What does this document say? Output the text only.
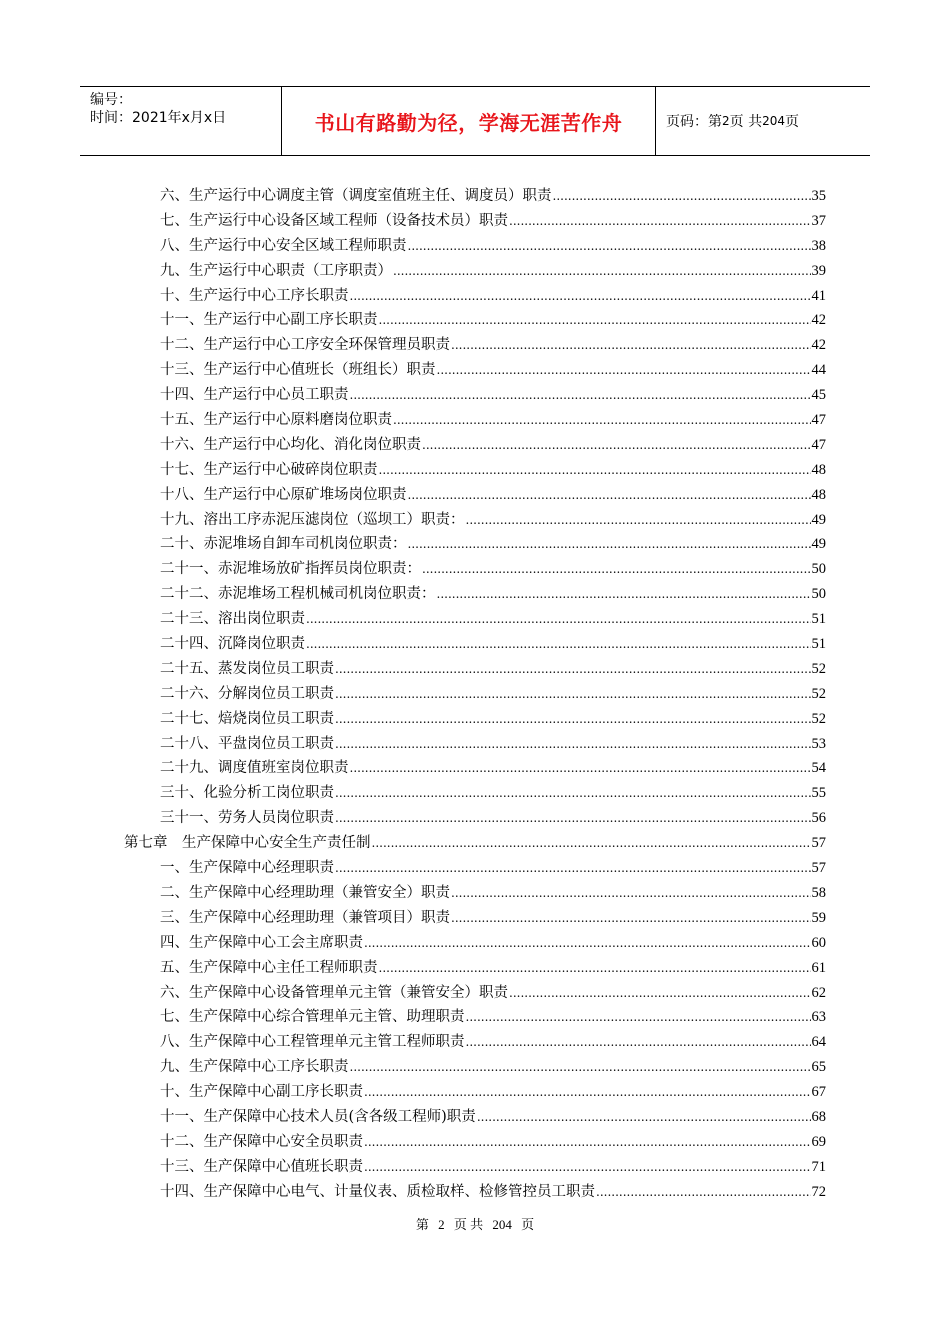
编号：
时间：2021年x月x日	书山有路勤为径，学海无涯苦作舟	页码：第 2 页 共 204 页
六、生产运行中心调度主管（调度室值班主任、调度员）职责 .....	35
七、生产运行中心设备区域工程师（设备技术员）职责 .....	37
八、生产运行中心安全区域工程师职责 .....	38
九、生产运行中心职责（工序职责） .....	39
十、生产运行中心工序长职责 .....	41
十一、生产运行中心副工序长职责 .....	42
十二、生产运行中心工序安全环保管理员职责 .....	42
十三、生产运行中心值班长（班组长）职责 .....	44
十四、生产运行中心员工职责 .....	45
十五、生产运行中心原料磨岗位职责 .....	47
十六、生产运行中心均化、消化岗位职责 .....	47
十七、生产运行中心破碎岗位职责 .....	48
十八、生产运行中心原矿堆场岗位职责 .....	48
十九、溶出工序赤泥压滤岗位（巡坝工）职责： .....	49
二十、赤泥堆场自卸车司机岗位职责： .....	49
二十一、赤泥堆场放矿指挥员岗位职责： .....	50
二十二、赤泥堆场工程机械司机岗位职责： .....	50
二十三、溶出岗位职责 .....	51
二十四、沉降岗位职责 .....	51
二十五、蒸发岗位员工职责 .....	52
二十六、分解岗位员工职责 .....	52
二十七、焙烧岗位员工职责 .....	52
二十八、平盘岗位员工职责 .....	53
二十九、调度值班室岗位职责 .....	54
三十、化验分析工岗位职责 .....	55
三十一、劳务人员岗位职责 .....	56
第七章　生产保障中心安全生产责任制 .....	57
一、生产保障中心经理职责 .....	57
二、生产保障中心经理助理（兼管安全）职责 .....	58
三、生产保障中心经理助理（兼管项目）职责 .....	59
四、生产保障中心工会主席职责 .....	60
五、生产保障中心主任工程师职责 .....	61
六、生产保障中心设备管理单元主管（兼管安全）职责 .....	62
七、生产保障中心综合管理单元主管、助理职责 .....	63
八、生产保障中心工程管理单元主管工程师职责 .....	64
九、生产保障中心工序长职责 .....	65
十、生产保障中心副工序长职责 .....	67
十一、生产保障中心技术人员(含各级工程师)职责 .....	68
十二、生产保障中心安全员职责 .....	69
十三、生产保障中心值班长职责 .....	71
十四、生产保障中心电气、计量仪表、质检取样、检修管控员工职责 .....	72
第 2 页 共 204 页
